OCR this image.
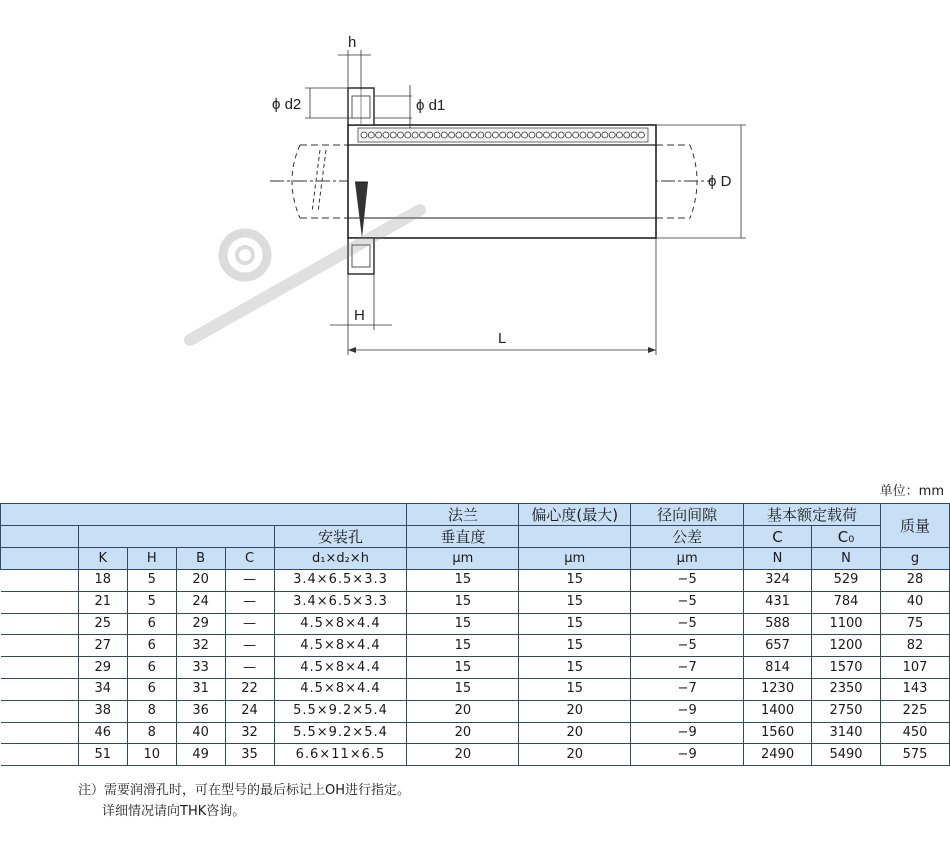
h
ϕ d2	ϕ d1
ϕ D
H
L
单位：mm
						法兰	偏心度(最大)	径向间隙	基本额定载荷		质量
					安装孔	垂直度		公差	C	C₀	
	K	H	B	C	d₁×d₂×h	μm	μm	μm	N	N	g
	18	5	20	—	3.4×6.5×3.3	15	15	−5	324	529	28
	21	5	24	—	3.4×6.5×3.3	15	15	−5	431	784	40
	25	6	29	—	4.5×8×4.4	15	15	−5	588	1100	75
	27	6	32	—	4.5×8×4.4	15	15	−5	657	1200	82
	29	6	33	—	4.5×8×4.4	15	15	−7	814	1570	107
	34	6	31	22	4.5×8×4.4	15	15	−7	1230	2350	143
	38	8	36	24	5.5×9.2×5.4	20	20	−9	1400	2750	225
	46	8	40	32	5.5×9.2×5.4	20	20	−9	1560	3140	450
	51	10	49	35	6.6×11×6.5	20	20	−9	2490	5490	575
注）需要润滑孔时，可在型号的最后标记上OH进行指定。
详细情况请向THK咨询。
